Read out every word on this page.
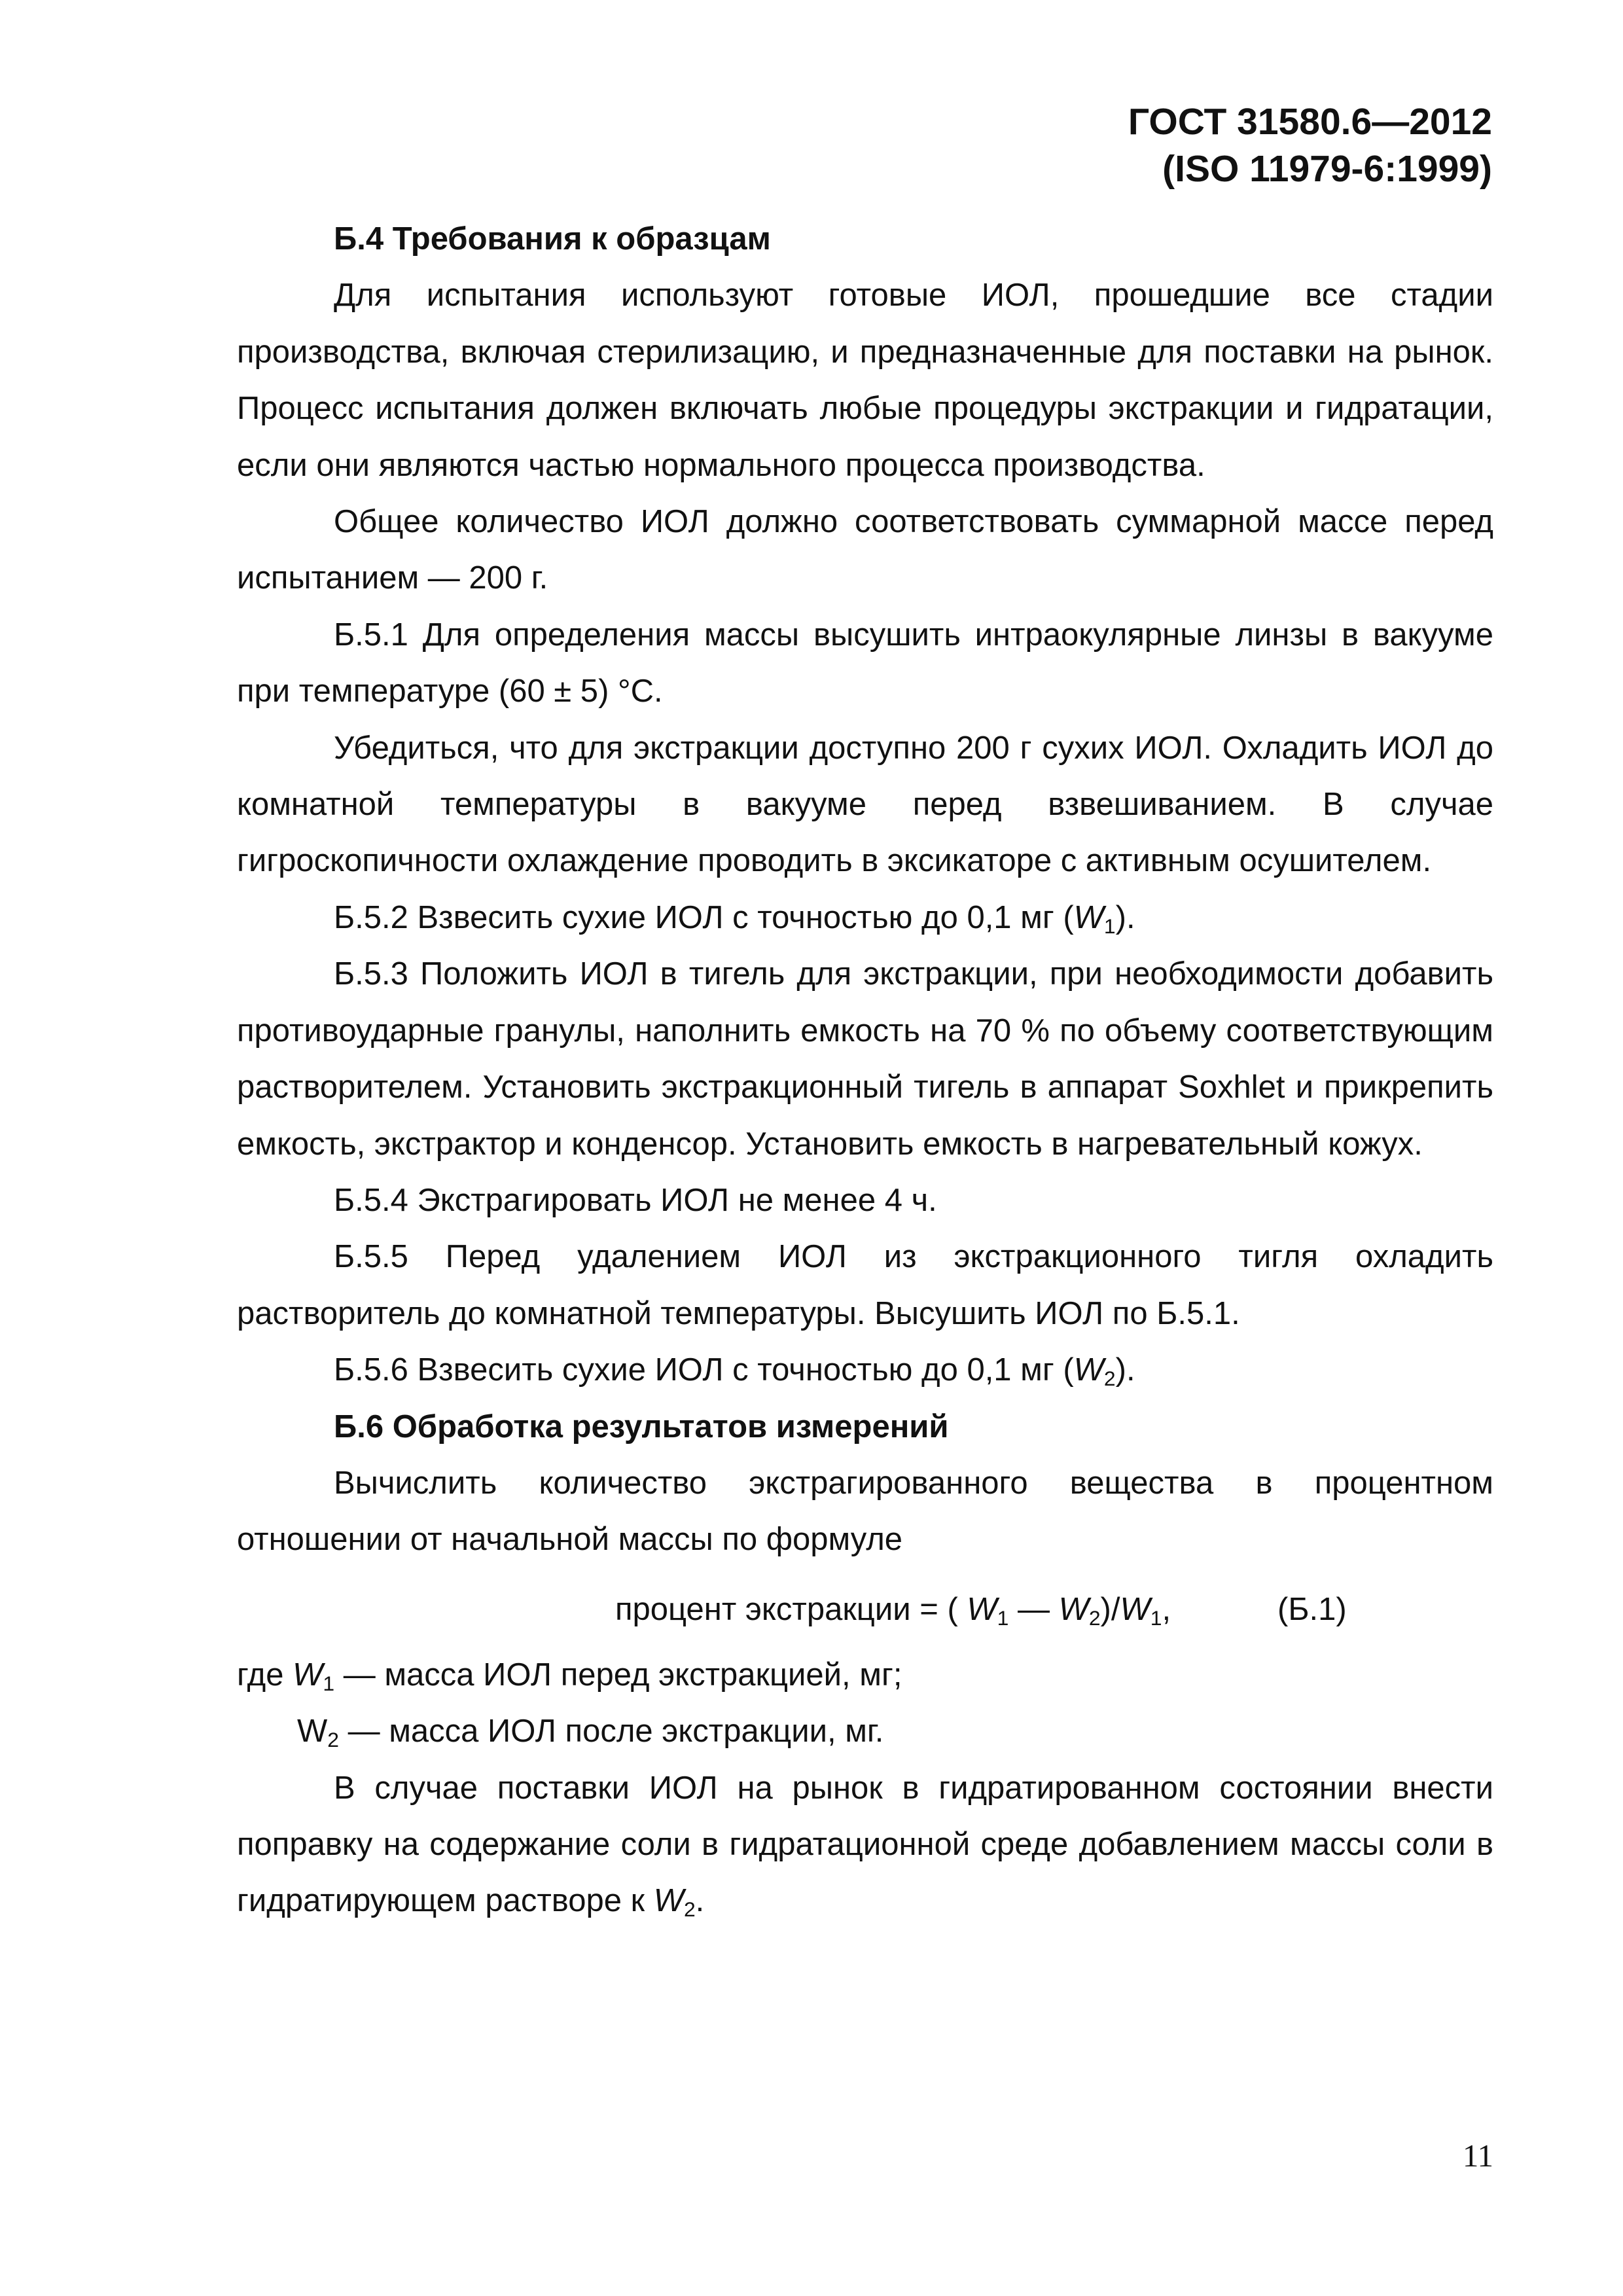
ГОСТ 31580.6—2012
(ISO 11979-6:1999)

Б.4 Требования к образцам

Для испытания используют готовые ИОЛ, прошедшие все стадии производства, включая стерилизацию, и предназначенные для поставки на рынок. Процесс испытания должен включать любые процедуры экстракции и гидратации, если они являются частью нормального процесса производства.

Общее количество ИОЛ должно соответствовать суммарной массе перед испытанием — 200 г.

Б.5.1 Для определения массы высушить интраокулярные линзы в вакууме при температуре (60 ± 5) °С.

Убедиться, что для экстракции доступно 200 г сухих ИОЛ. Охладить ИОЛ до комнатной температуры в вакууме перед взвешиванием. В случае гигроскопичности охлаждение проводить в эксикаторе с активным осушителем.

Б.5.2 Взвесить сухие ИОЛ с точностью до 0,1 мг $(W_1)$.

Б.5.3 Положить ИОЛ в тигель для экстракции, при необходимости добавить противоударные гранулы, наполнить емкость на 70 % по объему соответствующим растворителем. Установить экстракционный тигель в аппарат Soxhlet и прикрепить емкость, экстрактор и конденсор. Установить емкость в нагревательный кожух.

Б.5.4 Экстрагировать ИОЛ не менее 4 ч.

Б.5.5 Перед удалением ИОЛ из экстракционного тигля охладить растворитель до комнатной температуры. Высушить ИОЛ по Б.5.1.

Б.5.6 Взвесить сухие ИОЛ с точностью до 0,1 мг $(W_2)$.

Б.6 Обработка результатов измерений

Вычислить количество экстрагированного вещества в процентном отношении от начальной массы по формуле

процент экстракции = ( $W_1$ — $W_2)/W_1$,	(Б.1)

где $W_1$ — масса ИОЛ перед экстракцией, мг;

$W_2$ — масса ИОЛ после экстракции, мг.

В случае поставки ИОЛ на рынок в гидратированном состоянии внести поправку на содержание соли в гидратационной среде добавлением массы соли в гидратирующем растворе к $W_2$.

11
